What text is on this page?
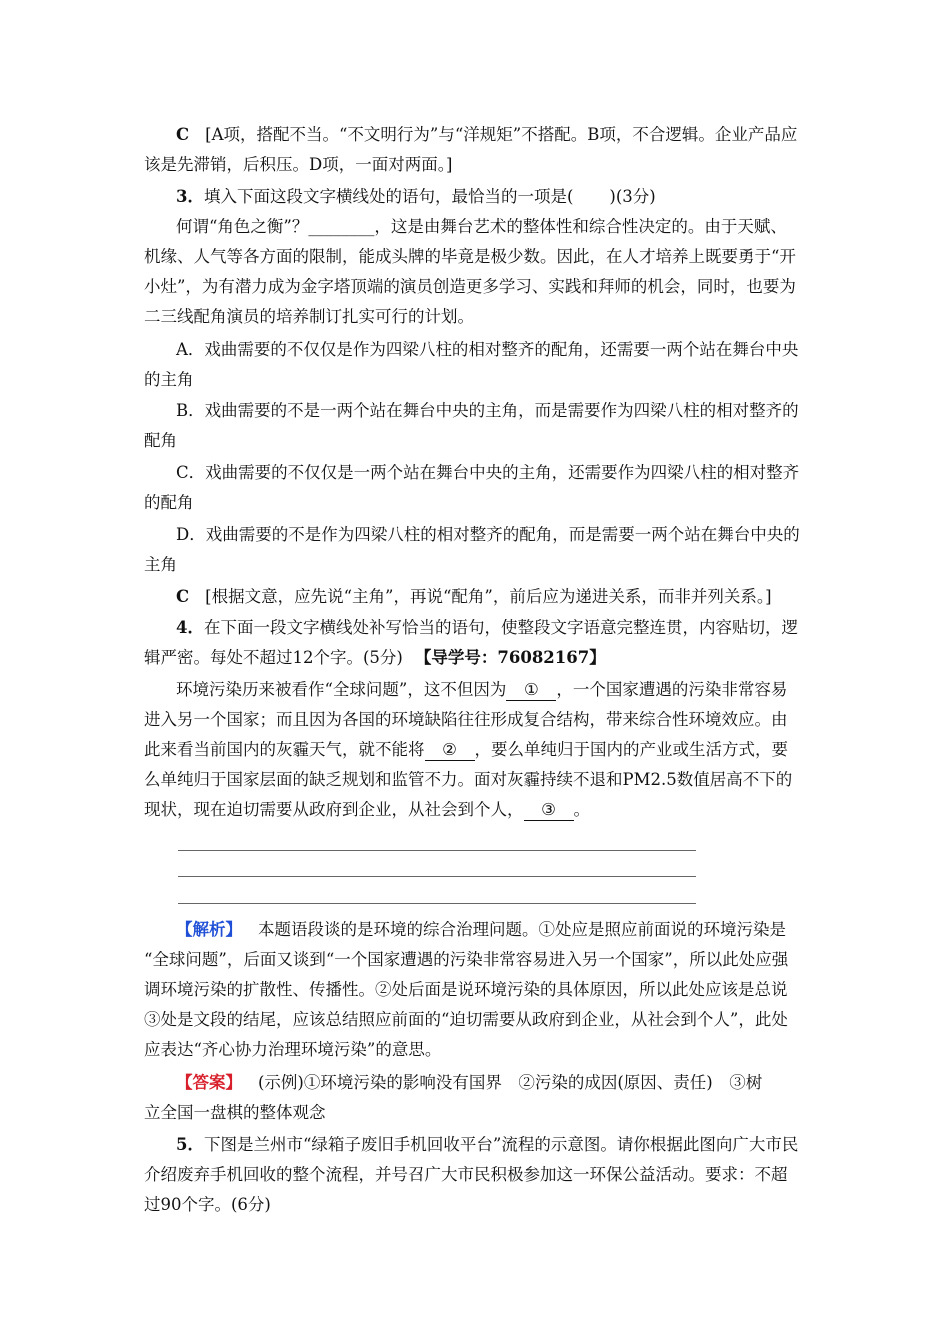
C [A项，搭配不当。“不文明行为”与“洋规矩”不搭配。B项，不合逻辑。企业产品应
该是先滞销，后积压。D项，一面对两面。]
3．填入下面这段文字横线处的语句，最恰当的一项是( )(3分)
何谓“角色之衡”？________，这是由舞台艺术的整体性和综合性决定的。由于天赋、
机缘、人气等各方面的限制，能成头牌的毕竟是极少数。因此，在人才培养上既要勇于“开
小灶”，为有潜力成为金字塔顶端的演员创造更多学习、实践和拜师的机会，同时，也要为
二三线配角演员的培养制订扎实可行的计划。
A．戏曲需要的不仅仅是作为四梁八柱的相对整齐的配角，还需要一两个站在舞台中央
的主角
B．戏曲需要的不是一两个站在舞台中央的主角，而是需要作为四梁八柱的相对整齐的
配角
C．戏曲需要的不仅仅是一两个站在舞台中央的主角，还需要作为四梁八柱的相对整齐
的配角
D．戏曲需要的不是作为四梁八柱的相对整齐的配角，而是需要一两个站在舞台中央的
主角
C [根据文意，应先说“主角”，再说“配角”，前后应为递进关系，而非并列关系。]
4．在下面一段文字横线处补写恰当的语句，使整段文字语意完整连贯，内容贴切，逻
辑严密。每处不超过12个字。(5分) 【导学号：76082167】
环境污染历来被看作“全球问题”，这不但因为 ① ，一个国家遭遇的污染非常容易
进入另一个国家；而且因为各国的环境缺陷往往形成复合结构，带来综合性环境效应。由
此来看当前国内的灰霾天气，就不能将 ② ，要么单纯归于国内的产业或生活方式，要
么单纯归于国家层面的缺乏规划和监管不力。面对灰霾持续不退和PM2.5数值居高不下的
现状，现在迫切需要从政府到企业，从社会到个人， ③ 。
【解析】 本题语段谈的是环境的综合治理问题。①处应是照应前面说的环境污染是
“全球问题”，后面又谈到“一个国家遭遇的污染非常容易进入另一个国家”，所以此处应强
调环境污染的扩散性、传播性。②处后面是说环境污染的具体原因，所以此处应该是总说
③处是文段的结尾，应该总结照应前面的“迫切需要从政府到企业，从社会到个人”，此处
应表达“齐心协力治理环境污染”的意思。
【答案】 (示例)①环境污染的影响没有国界　②污染的成因(原因、责任)　③树
立全国一盘棋的整体观念
5．下图是兰州市“绿箱子废旧手机回收平台”流程的示意图。请你根据此图向广大市民
介绍废弃手机回收的整个流程，并号召广大市民积极参加这一环保公益活动。要求：不超
过90个字。(6分)
